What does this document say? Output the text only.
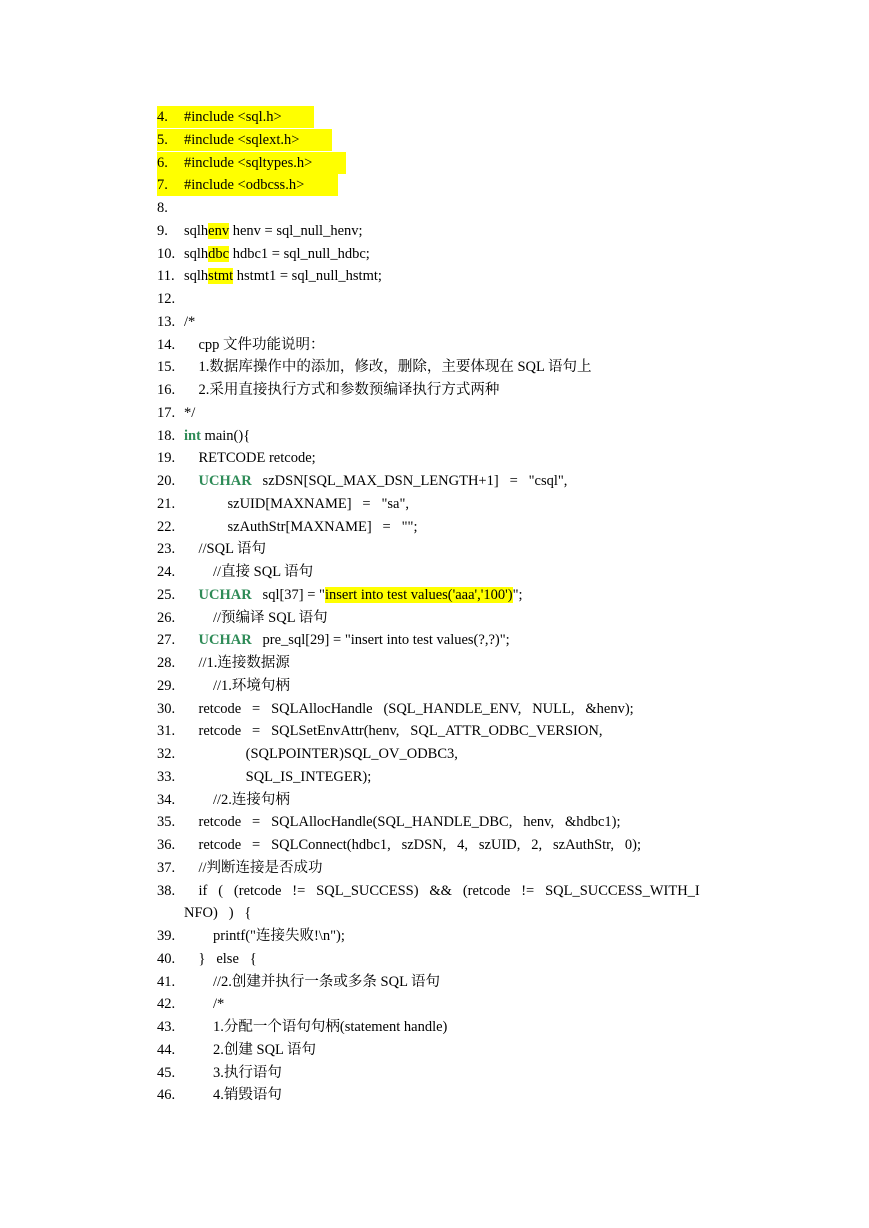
4. #include <sql.h>
5. #include <sqlext.h>
6. #include <sqltypes.h>
7. #include <odbcss.h>
8.
9. sqlhenv henv = sql_null_henv;
10. sqlhdbc hdbc1 = sql_null_hdbc;
11. sqlhstmt hstmt1 = sql_null_hstmt;
12.
13. /*
14.    cpp 文件功能说明：
15.    1.数据库操作中的添加，修改，删除，主要体现在 SQL 语句上
16.    2.采用直接执行方式和参数预编译执行方式两种
17. */
18. int main(){
19.    RETCODE retcode;
20. UCHAR   szDSN[SQL_MAX_DSN_LENGTH+1]   =   "csql",
21.            szUID[MAXNAME]   =   "sa",
22.            szAuthStr[MAXNAME]   =   "";
23.    //SQL 语句
24.        //直接 SQL 语句
25. UCHAR   sql[37] = "insert into test values('aaa','100')";
26.        //预编译 SQL 语句
27. UCHAR   pre_sql[29] = "insert into test values(?,?)";
28.    //1.连接数据源
29.        //1.环境句柄
30.    retcode   =   SQLAllocHandle   (SQL_HANDLE_ENV,   NULL,   &henv);
31.    retcode   =   SQLSetEnvAttr(henv,   SQL_ATTR_ODBC_VERSION,
32.                 (SQLPOINTER)SQL_OV_ODBC3,
33.                 SQL_IS_INTEGER);
34.        //2.连接句柄
35.    retcode   =   SQLAllocHandle(SQL_HANDLE_DBC,   henv,   &hdbc1);
36.    retcode   =   SQLConnect(hdbc1,   szDSN,   4,   szUID,   2,   szAuthStr,   0);
37.    //判断连接是否成功
38.    if   (   (retcode   !=   SQL_SUCCESS)   &&   (retcode   !=   SQL_SUCCESS_WITH_I
NFO)   )   {
39.        printf("连接失败!\n");
40.    }   else   {
41.        //2.创建并执行一条或多条 SQL 语句
42.        /*
43.        1.分配一个语句句柄(statement handle)
44.        2.创建 SQL 语句
45.        3.执行语句
46.        4.销毁语句
